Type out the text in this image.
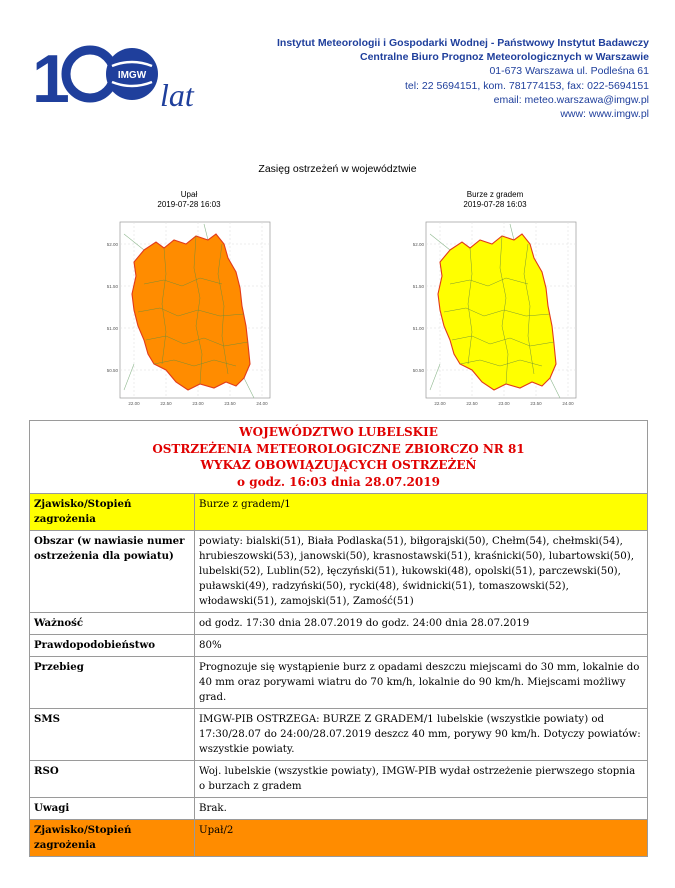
1	IMGW
lat
Instytut Meteorologii i Gospodarki Wodnej - Państwowy Instytut Badawczy
Centralne Biuro Prognoz Meteorologicznych w Warszawie
01-673 Warszawa ul. Podleśna 61
tel: 22 5694151, kom. 781774153, fax: 022-5694151
email: meteo.warszawa@imgw.pl
www: www.imgw.pl
Zasięg ostrzeżeń w województwie
Upał
2019-07-28 16:03
52.00
51.50
51.00
50.50
22.00	22.50	23.00	23.50	24.00
Burze z gradem
2019-07-28 16:03
52.00
51.50
51.00
50.50
22.00	22.50	23.00	23.50	24.00
WOJEWÓDZTWO LUBELSKIE
OSTRZEŻENIA METEOROLOGICZNE ZBIORCZO NR 81
WYKAZ OBOWIĄZUJĄCYCH OSTRZEŻEŃ
o godz. 16:03 dnia 28.07.2019	

Zjawisko/Stopień zagrożenia	Burze z gradem/1
Obszar (w nawiasie numer ostrzeżenia dla powiatu)	powiaty: bialski(51), Biała Podlaska(51), biłgorajski(50), Chełm(54), chełmski(54), hrubieszowski(53), janowski(50), krasnostawski(51), kraśnicki(50), lubartowski(50), lubelski(52), Lublin(52), łęczyński(51), łukowski(48), opolski(51), parczewski(50), puławski(49), radzyński(50), rycki(48), świdnicki(51), tomaszowski(52), włodawski(51), zamojski(51), Zamość(51)
Ważność	od godz. 17:30 dnia 28.07.2019 do godz. 24:00 dnia 28.07.2019
Prawdopodobieństwo	80%
Przebieg	Prognozuje się wystąpienie burz z opadami deszczu miejscami do 30 mm, lokalnie do 40 mm oraz porywami wiatru do 70 km/h, lokalnie do 90 km/h. Miejscami możliwy grad.
SMS	IMGW-PIB OSTRZEGA: BURZE Z GRADEM/1 lubelskie (wszystkie powiaty) od 17:30/28.07 do 24:00/28.07.2019 deszcz 40 mm, porywy 90 km/h. Dotyczy powiatów: wszystkie powiaty.
RSO	Woj. lubelskie (wszystkie powiaty), IMGW-PIB wydał ostrzeżenie pierwszego stopnia o burzach z gradem
Uwagi	Brak.
Zjawisko/Stopień zagrożenia	Upał/2
